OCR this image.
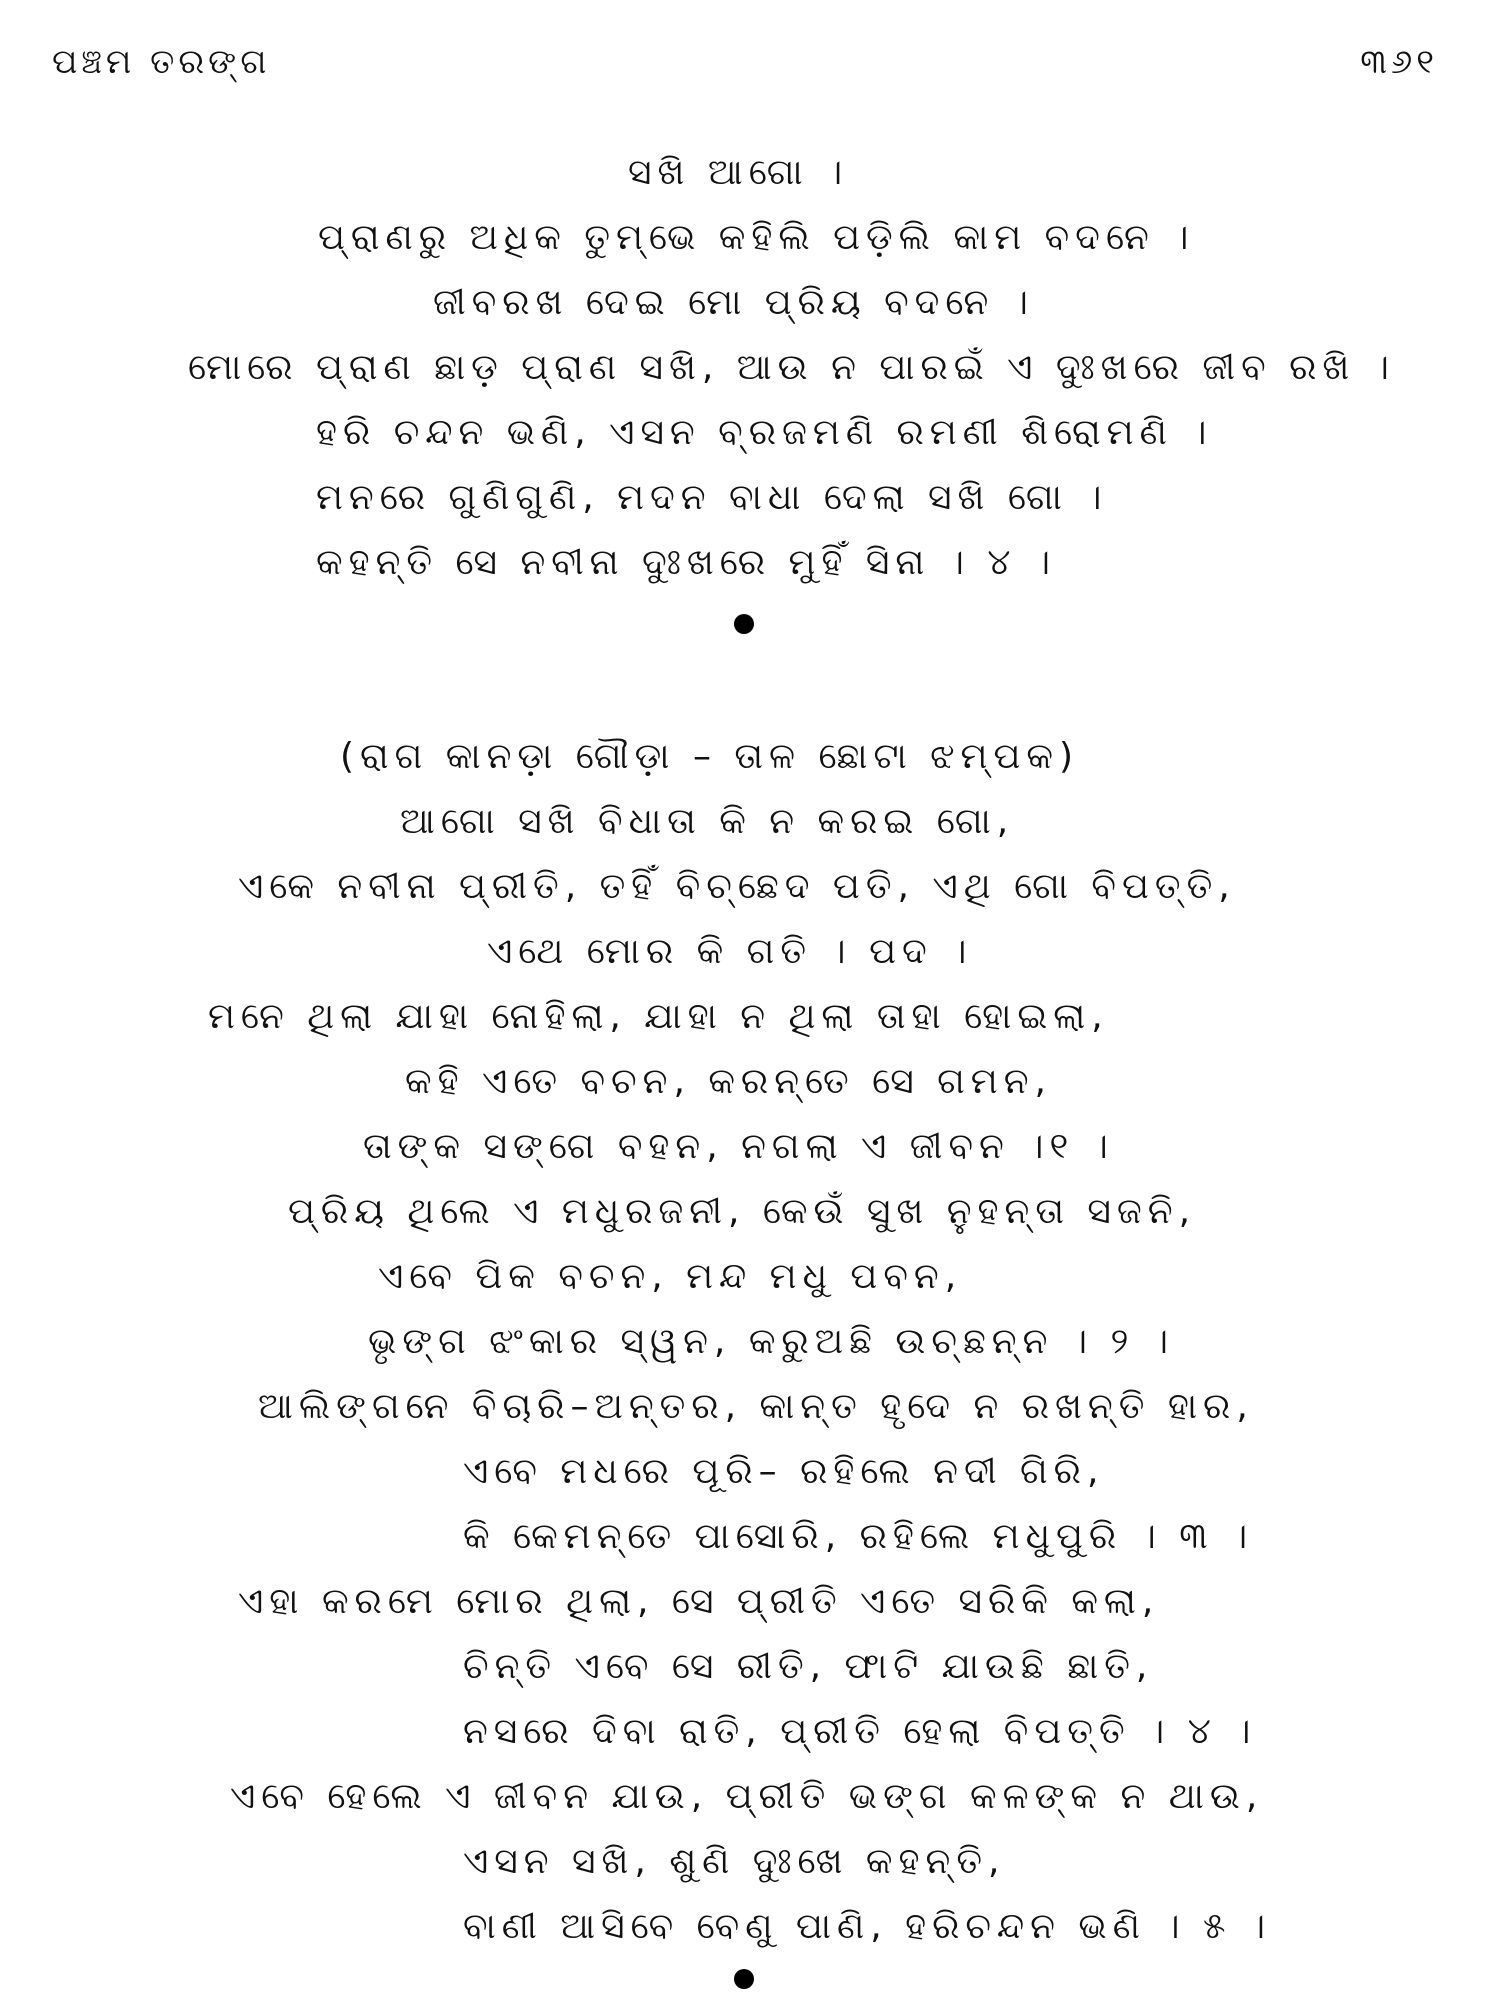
ପଞ୍ଚମ ତରଙ୍ଗ	୩୬୧
ସଖି ଆଗୋ ।
ପ୍ରାଣରୁ ଅଧିକ ତୁମ୍ଭେ କହିଲି ପଡ଼ିଲି କାମ ବଦନେ ।
ଜୀବରଖ ଦେଇ ମୋ ପ୍ରିୟ ବଦନେ ।
ମୋରେ ପ୍ରାଣ ଛାଡ଼ ପ୍ରାଣ ସଖି, ଆଉ ନ ପାରଇଁ ଏ ଦୁଃଖରେ ଜୀବ ରଖି ।
ହରି ଚନ୍ଦନ ଭଣି, ଏସନ ବ୍ରଜମଣି ରମଣୀ ଶିରୋମଣି ।
ମନରେ ଗୁଣିଗୁଣି, ମଦନ ବାଧା ଦେଲା ସଖି ଗୋ ।
କହନ୍ତି ସେ ନବୀନା ଦୁଃଖରେ ମୁହିଁ ସିନା । ୪ ।
(ରାଗ କାନଡ଼ା ଗୌଡ଼ା – ତାଳ ଛୋଟା ଝମ୍ପକ)
ଆଗୋ ସଖି ବିଧାତା କି ନ କରଇ ଗୋ,
ଏକେ ନବୀନା ପ୍ରୀତି, ତହିଁ ବିଚ୍ଛେଦ ପତି, ଏଥି ଗୋ ବିପତ୍ତି,
ଏଥେ ମୋର କି ଗତି । ପଦ ।
ମନେ ଥିଲା ଯାହା ନୋହିଲା, ଯାହା ନ ଥିଲା ତାହା ହୋଇଲା,
କହି ଏତେ ବଚନ, କରନ୍ତେ ସେ ଗମନ,
ତାଙ୍କ ସଙ୍ଗେ ବହନ, ନଗଲା ଏ ଜୀବନ ।୧ ।
ପ୍ରିୟ ଥିଲେ ଏ ମଧୁରଜନୀ, କେଉଁ ସୁଖ ନୁହନ୍ତା ସଜନି,
ଏବେ ପିକ ବଚନ, ମନ୍ଦ ମଧୁ ପବନ,
ଭୃଙ୍ଗ ଝଂକାର ସ୍ୱନ, କରୁଅଛି ଉଚ୍ଛନ୍ନ । ୨ ।
ଆଲିଙ୍ଗନେ ବିଚାରି–ଅନ୍ତର, କାନ୍ତ ହୃଦେ ନ ରଖନ୍ତି ହାର,
ଏବେ ମଧରେ ପୂରି– ରହିଲେ ନଦୀ ଗିରି,
କି କେମନ୍ତେ ପାସୋରି, ରହିଲେ ମଧୁପୁରି । ୩ ।
ଏହା କରମେ ମୋର ଥିଲା, ସେ ପ୍ରୀତି ଏତେ ସରିକି କଲା,
ଚିନ୍ତି ଏବେ ସେ ରୀତି, ଫାଟି ଯାଉଛି ଛାତି,
ନସରେ ଦିବା ରାତି, ପ୍ରୀତି ହେଲା ବିପତ୍ତି । ୪ ।
ଏବେ ହେଲେ ଏ ଜୀବନ ଯାଉ, ପ୍ରୀତି ଭଙ୍ଗ କଳଙ୍କ ନ ଥାଉ,
ଏସନ ସଖି, ଶୁଣି ଦୁଃଖେ କହନ୍ତି,
ବାଣୀ ଆସିବେ ବେଣୁ ପାଣି, ହରିଚନ୍ଦନ ଭଣି । ୫ ।
